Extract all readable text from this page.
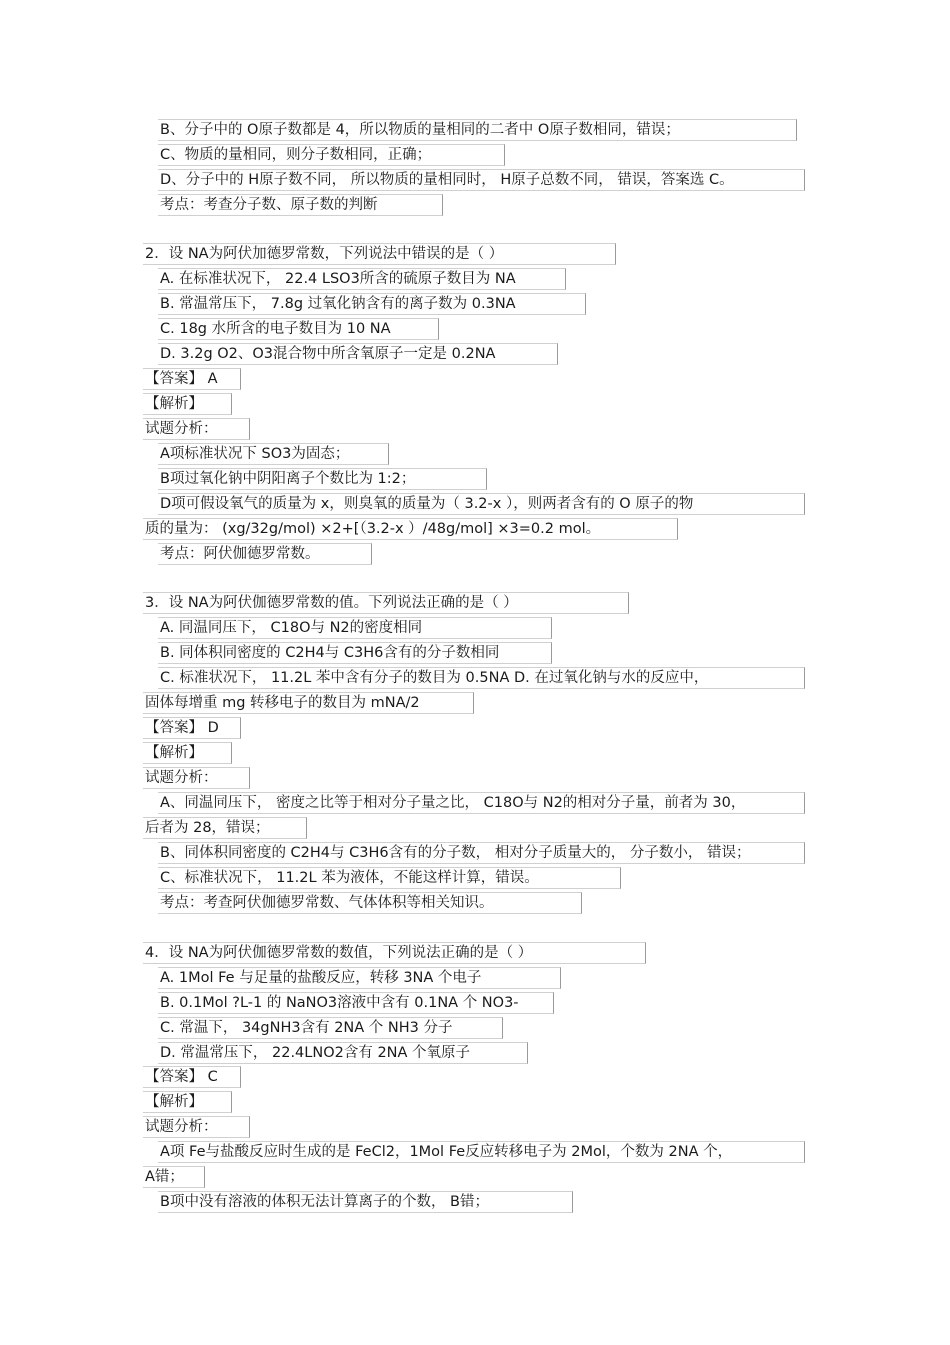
B、分子中的 O原子数都是 4，所以物质的量相同的二者中 O原子数相同，错误；
C、物质的量相同，则分子数相同，正确；
D、分子中的 H原子数不同， 所以物质的量相同时， H原子总数不同， 错误，答案选 C。
考点：考查分子数、原子数的判断
2．设 NA为阿伏加德罗常数，下列说法中错误的是（ ）
A. 在标准状况下， 22.4 LSO3所含的硫原子数目为 NA
B. 常温常压下， 7.8g 过氧化钠含有的离子数为 0.3NA
C. 18g 水所含的电子数目为 10 NA
D. 3.2g O2、O3混合物中所含氧原子一定是 0.2NA
【答案】 A
【解析】
试题分析：
A项标准状况下 SO3为固态；
B项过氧化钠中阴阳离子个数比为 1:2；
D项可假设氧气的质量为 x，则臭氧的质量为（ 3.2-x ），则两者含有的 O 原子的物
质的量为： (xg/32g/mol) ×2+[（3.2-x ）/48g/mol] ×3=0.2 mol。
考点：阿伏伽德罗常数。
3．设 NA为阿伏伽德罗常数的值。下列说法正确的是（ ）
A. 同温同压下， C18O与 N2的密度相同
B. 同体积同密度的 C2H4与 C3H6含有的分子数相同
C. 标准状况下， 11.2L 苯中含有分子的数目为 0.5NA D. 在过氧化钠与水的反应中，
固体每增重 mg 转移电子的数目为 mNA/2
【答案】 D
【解析】
试题分析：
A、同温同压下， 密度之比等于相对分子量之比， C18O与 N2的相对分子量，前者为 30，
后者为 28，错误；
B、同体积同密度的 C2H4与 C3H6含有的分子数， 相对分子质量大的， 分子数小， 错误；
C、标准状况下， 11.2L 苯为液体，不能这样计算，错误。
考点：考查阿伏伽德罗常数、气体体积等相关知识。
4．设 NA为阿伏伽德罗常数的数值，下列说法正确的是（ ）
A. 1Mol Fe 与足量的盐酸反应，转移 3NA 个电子
B. 0.1Mol ?L-1 的 NaNO3溶液中含有 0.1NA 个 NO3-
C. 常温下， 34gNH3含有 2NA 个 NH3 分子
D. 常温常压下， 22.4LNO2含有 2NA 个氧原子
【答案】 C
【解析】
试题分析：
A项 Fe与盐酸反应时生成的是 FeCl2，1Mol Fe反应转移电子为 2Mol，个数为 2NA 个，
A错；
B项中没有溶液的体积无法计算离子的个数， B错；
